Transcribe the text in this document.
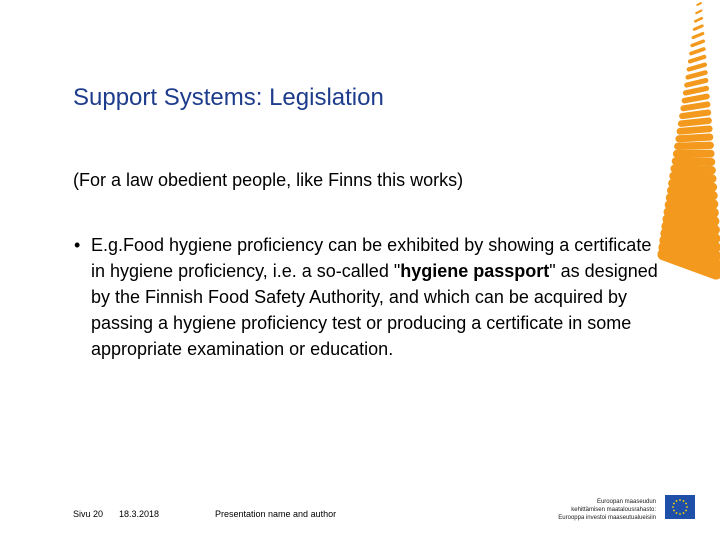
Support Systems: Legislation
(For a law obedient people, like Finns this works)
• E.g.Food hygiene proficiency can be exhibited by showing a certificate in hygiene proficiency, i.e. a so-called "hygiene passport" as designed by the Finnish Food Safety Authority, and which can be acquired by passing a hygiene proficiency test or producing a certificate in some appropriate examination or education.
Sivu 20 18.3.2018	Presentation name and author
Euroopan maaseudun
kehittämisen maatalousrahasto:
Eurooppa investoi maaseutualueisiin
